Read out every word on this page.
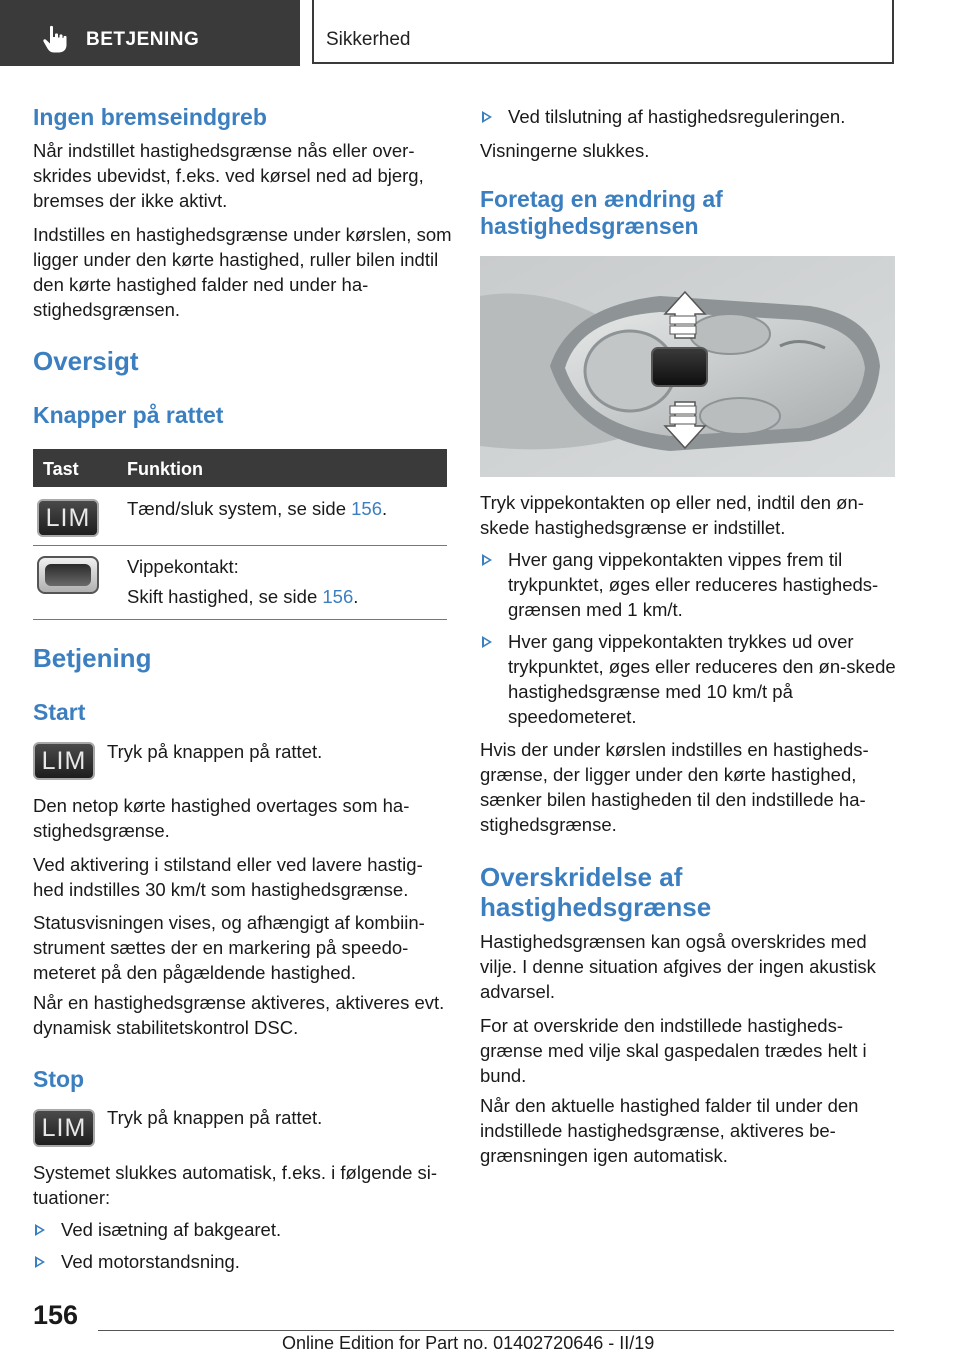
BETJENING	Sikkerhed
Ingen bremseindgreb

Når indstillet hastighedsgrænse nås eller over-skrides ubevidst, f.eks. ved kørsel ned ad bjerg, bremses der ikke aktivt.

Indstilles en hastighedsgrænse under kørslen, som ligger under den kørte hastighed, ruller bilen indtil den kørte hastighed falder ned under ha-stighedsgrænsen.

Oversigt
Knapper på rattet
Tast	Funktion
LIM	Tænd/sluk system, se side 156.
Vippekontakt:
Skift hastighed, se side 156.
Betjening
Start
LIM	Tryk på knappen på rattet.

Den netop kørte hastighed overtages som ha-stighedsgrænse.

Ved aktivering i stilstand eller ved lavere hastig-hed indstilles 30 km/t som hastighedsgrænse.

Statusvisningen vises, og afhængigt af kombiin-strument sættes der en markering på speedo-meteret på den pågældende hastighed.

Når en hastighedsgrænse aktiveres, aktiveres evt. dynamisk stabilitetskontrol DSC.

Stop
LIM	Tryk på knappen på rattet.

Systemet slukkes automatisk, f.eks. i følgende si-tuationer:

Ved isætning af bakgearet.
Ved motorstandsning.
Ved tilslutning af hastighedsreguleringen.

Visningerne slukkes.

Foretag en ændring af hastighedsgrænsen

Tryk vippekontakten op eller ned, indtil den øn-skede hastighedsgrænse er indstillet.

Hver gang vippekontakten vippes frem til trykpunktet, øges eller reduceres hastigheds-grænsen med 1 km/t.
Hver gang vippekontakten trykkes ud over trykpunktet, øges eller reduceres den øn-skede hastighedsgrænse med 10 km/t på speedometeret.

Hvis der under kørslen indstilles en hastigheds-grænse, der ligger under den kørte hastighed, sænker bilen hastigheden til den indstillede ha-stighedsgrænse.

Overskridelse af hastighedsgrænse

Hastighedsgrænsen kan også overskrides med vilje. I denne situation afgives der ingen akustisk advarsel.

For at overskride den indstillede hastigheds-grænse med vilje skal gaspedalen trædes helt i bund.

Når den aktuelle hastighed falder til under den indstillede hastighedsgrænse, aktiveres be-grænsningen igen automatisk.

156
Online Edition for Part no. 01402720646 - II/19
